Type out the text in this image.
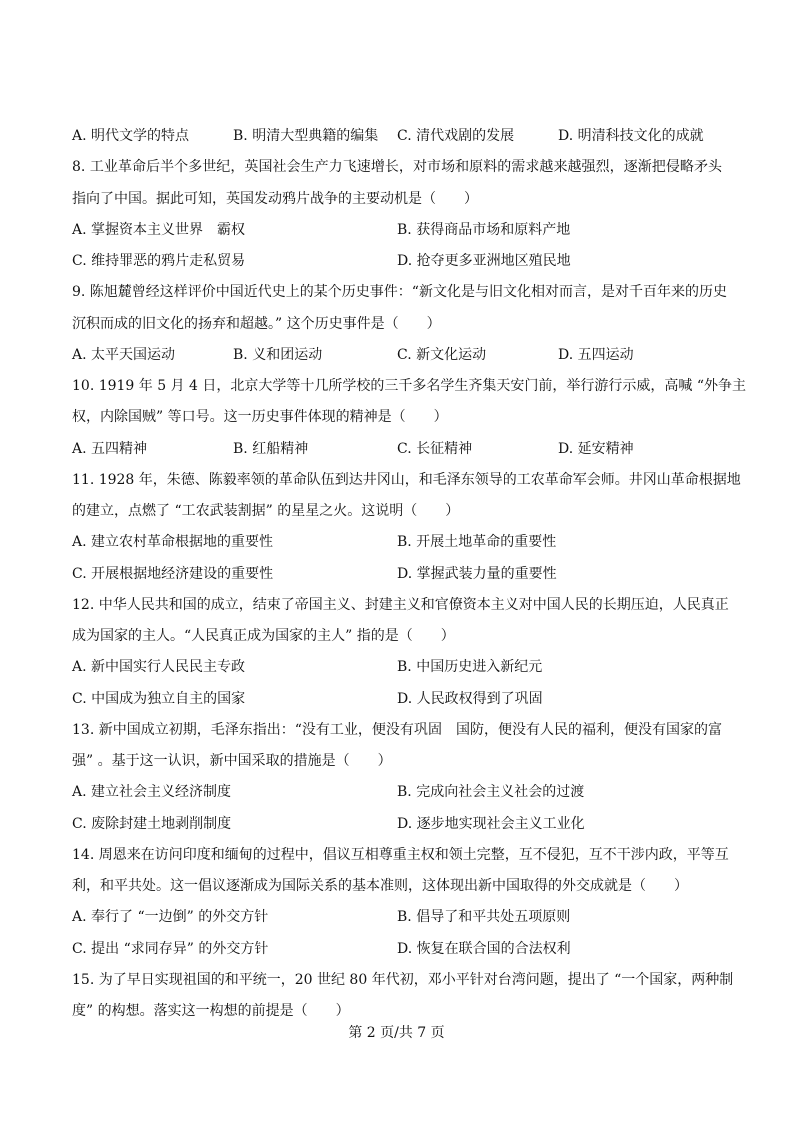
A. 明代文学的特点	B. 明清大型典籍的编集 C. 清代戏剧的发展	D. 明清科技文化的成就
8. 工业革命后半个多世纪，英国社会生产力飞速增长，对市场和原料的需求越来越强烈，逐渐把侵略矛头
指向了中国。据此可知，英国发动鸦片战争的主要动机是（　　）
A. 掌握资本主义世界　霸权	B. 获得商品市场和原料产地
C. 维持罪恶的鸦片走私贸易	D. 抢夺更多亚洲地区殖民地
9. 陈旭麓曾经这样评价中国近代史上的某个历史事件：“新文化是与旧文化相对而言，是对千百年来的历史
沉积而成的旧文化的扬弃和超越。” 这个历史事件是（　　）
A. 太平天国运动	B. 义和团运动	C. 新文化运动	D. 五四运动
10. 1919 年 5 月 4 日，北京大学等十几所学校的三千多名学生齐集天安门前，举行游行示威，高喊 “外争主
权，内除国贼” 等口号。这一历史事件体现的精神是（　　）
A. 五四精神	B. 红船精神	C. 长征精神	D. 延安精神
11. 1928 年，朱德、陈毅率领的革命队伍到达井冈山，和毛泽东领导的工农革命军会师。井冈山革命根据地
的建立，点燃了 “工农武装割据” 的星星之火。这说明（　　）
A. 建立农村革命根据地的重要性	B. 开展土地革命的重要性
C. 开展根据地经济建设的重要性	D. 掌握武装力量的重要性
12. 中华人民共和国的成立，结束了帝国主义、封建主义和官僚资本主义对中国人民的长期压迫，人民真正
成为国家的主人。“人民真正成为国家的主人” 指的是（　　）
A. 新中国实行人民民主专政	B. 中国历史进入新纪元
C. 中国成为独立自主的国家	D. 人民政权得到了巩固
13. 新中国成立初期，毛泽东指出：“没有工业，便没有巩固　国防，便没有人民的福利，便没有国家的富
强” 。基于这一认识，新中国采取的措施是（　　）
A. 建立社会主义经济制度	B. 完成向社会主义社会的过渡
C. 废除封建土地剥削制度	D. 逐步地实现社会主义工业化
14. 周恩来在访问印度和缅甸的过程中，倡议互相尊重主权和领土完整，互不侵犯，互不干涉内政，平等互
利，和平共处。这一倡议逐渐成为国际关系的基本准则，这体现出新中国取得的外交成就是（　　）
A. 奉行了 “一边倒” 的外交方针	B. 倡导了和平共处五项原则
C. 提出 “求同存异” 的外交方针	D. 恢复在联合国的合法权利
15. 为了早日实现祖国的和平统一，20 世纪 80 年代初，邓小平针对台湾问题，提出了 “一个国家，两种制
度” 的构想。落实这一构想的前提是（　　）
第 2 页/共 7 页
